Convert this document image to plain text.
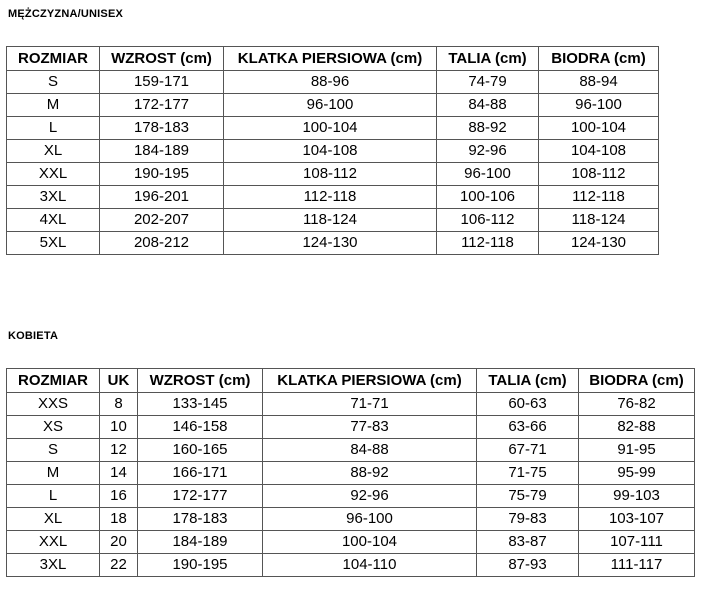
MĘŻCZYZNA/UNISEX
ROZMIAR	WZROST (cm)	KLATKA PIERSIOWA (cm)	TALIA (cm)	BIODRA (cm)
S	159-171	88-96	74-79	88-94
M	172-177	96-100	84-88	96-100
L	178-183	100-104	88-92	100-104
XL	184-189	104-108	92-96	104-108
XXL	190-195	108-112	96-100	108-112
3XL	196-201	112-118	100-106	112-118
4XL	202-207	118-124	106-112	118-124
5XL	208-212	124-130	112-118	124-130
KOBIETA
ROZMIAR	UK	WZROST (cm)	KLATKA PIERSIOWA (cm)	TALIA (cm)	BIODRA (cm)
XXS	8	133-145	71-71	60-63	76-82
XS	10	146-158	77-83	63-66	82-88
S	12	160-165	84-88	67-71	91-95
M	14	166-171	88-92	71-75	95-99
L	16	172-177	92-96	75-79	99-103
XL	18	178-183	96-100	79-83	103-107
XXL	20	184-189	100-104	83-87	107-111
3XL	22	190-195	104-110	87-93	111-117
